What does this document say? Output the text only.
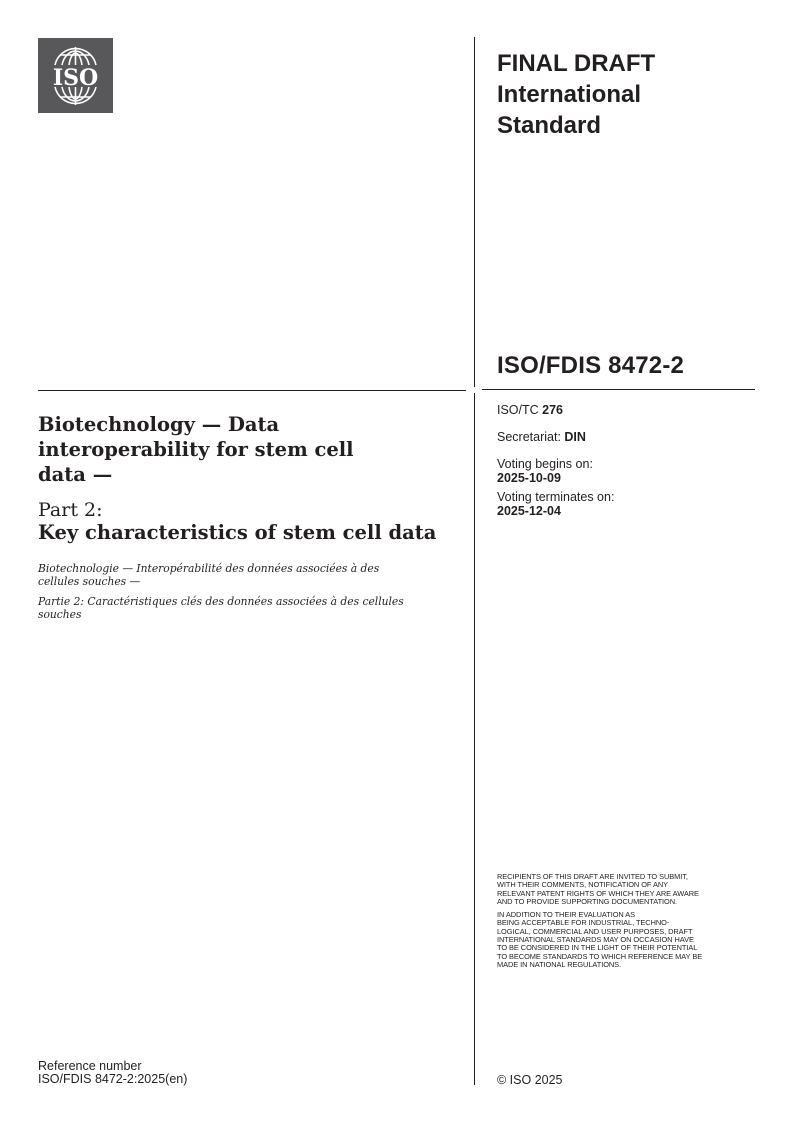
ISO
FINAL DRAFT
International
Standard
ISO/FDIS 8472-2
ISO/TC 276
Secretariat: DIN
Voting begins on:
2025-10-09
Voting terminates on:
2025-12-04
Biotechnology — Data
interoperability for stem cell
data —
Part 2:
Key characteristics of stem cell data
Biotechnologie — Interopérabilité des données associées à des
cellules souches —
Partie 2: Caractéristiques clés des données associées à des cellules
souches

RECIPIENTS OF THIS DRAFT ARE INVITED TO SUBMIT,
WITH THEIR COMMENTS, NOTIFICATION OF ANY
RELEVANT PATENT RIGHTS OF WHICH THEY ARE AWARE
AND TO PROVIDE SUPPORTING DOCUMENTATION.

IN ADDITION TO THEIR EVALUATION AS
BEING ACCEPTABLE FOR INDUSTRIAL, TECHNO-
LOGICAL, COMMERCIAL AND USER PURPOSES, DRAFT
INTERNATIONAL STANDARDS MAY ON OCCASION HAVE
TO BE CONSIDERED IN THE LIGHT OF THEIR POTENTIAL
TO BECOME STANDARDS TO WHICH REFERENCE MAY BE
MADE IN NATIONAL REGULATIONS.

Reference number
ISO/FDIS 8472-2:2025(en)	© ISO 2025
